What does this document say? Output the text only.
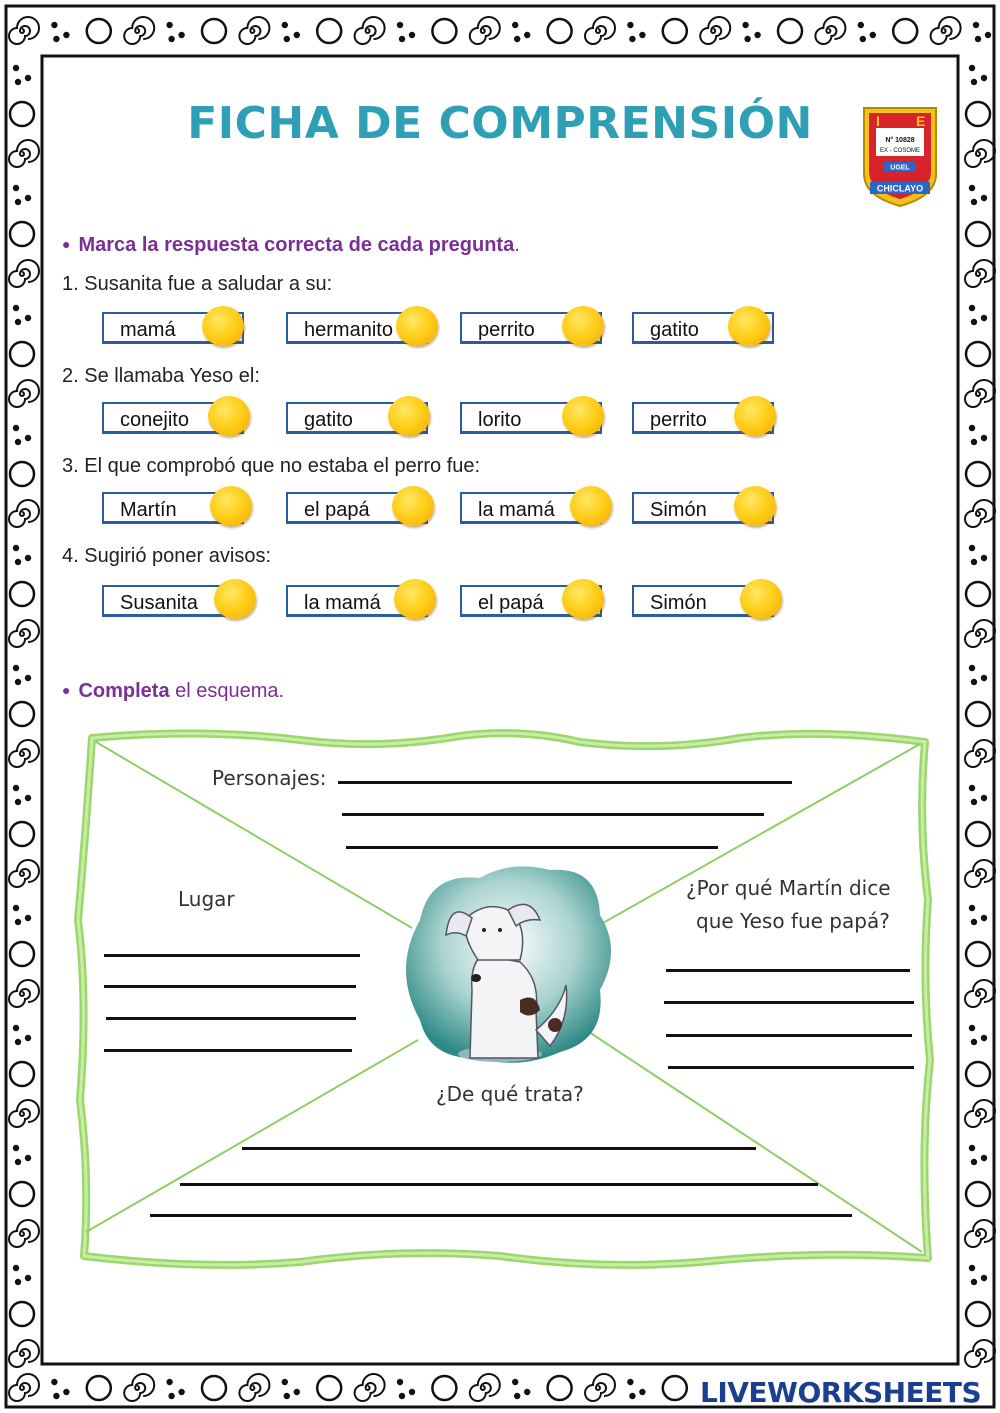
FICHA DE COMPRENSIÓN	I	E
N° 10828
EX - COSOME
UGEL
CHICLAYO
● Marca la respuesta correcta de cada pregunta.
1. Susanita fue a saludar a su:
2. Se llamaba Yeso el:
3. El que comprobó que no estaba el perro fue:
4. Sugirió poner avisos:
mamá	hermanito	perrito	gatito
conejito	gatito	lorito	perrito
Martín	el papá	la mamá	Simón
Susanita	la mamá	el papá	Simón
● Completa el esquema.
Personajes:
Lugar	¿Por qué Martín dice
que Yeso fue papá?
¿De qué trata?
LIVEWORKSHEETS
